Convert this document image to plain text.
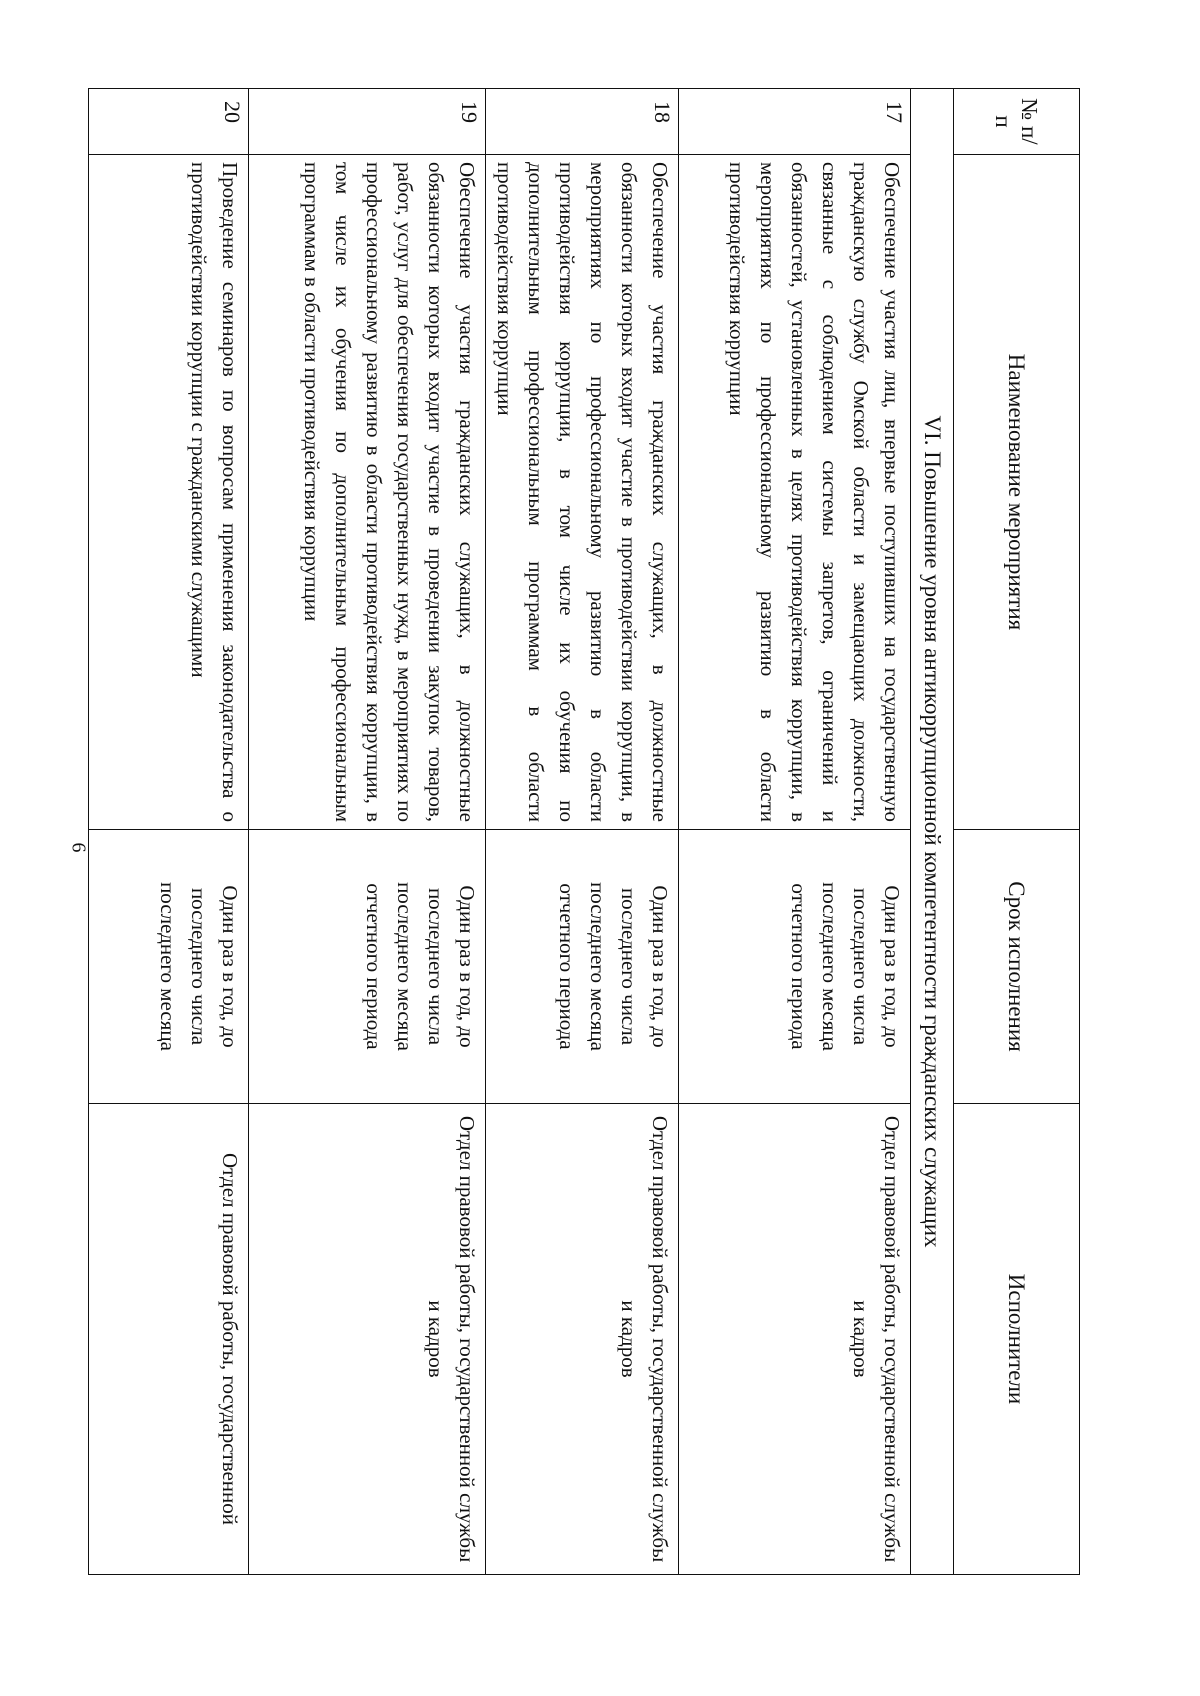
6
№ п/п	Наименование мероприятия	Срок исполнения	Исполнители
VI. Повышение уровня антикоррупционной компетентности гражданских служащих			
17	Обеспечение участия лиц, впервые поступивших на государственную гражданскую службу Омской области и замещающих должности, связанные с соблюдением системы запретов, ограничений и обязанностей, установленных в целях противодействия коррупции, в мероприятиях по профессиональному развитию в области противодействия коррупции	Один раз в год, до последнего числа последнего месяца отчетного периода	Отдел правовой работы, государственной службы и кадров
18	Обеспечение участия гражданских служащих, в должностные обязанности которых входит участие в противодействии коррупции, в мероприятиях по профессиональному развитию в области противодействия коррупции, в том числе их обучения по дополнительным профессиональным программам в области противодействия коррупции	Один раз в год, до последнего числа последнего месяца отчетного периода	Отдел правовой работы, государственной службы и кадров
19	Обеспечение участия гражданских служащих, в должностные обязанности которых входит участие в проведении закупок товаров, работ, услуг для обеспечения государственных нужд, в мероприятиях по профессиональному развитию в области противодействия коррупции, в том числе их обучения по дополнительным профессиональным программам в области противодействия коррупции	Один раз в год, до последнего числа последнего месяца отчетного периода	Отдел правовой работы, государственной службы и кадров
20	Проведение семинаров по вопросам применения законодательства о противодействии коррупции с гражданскими служащими	Один раз в год, до последнего числа последнего месяца	Отдел правовой работы, государственной
